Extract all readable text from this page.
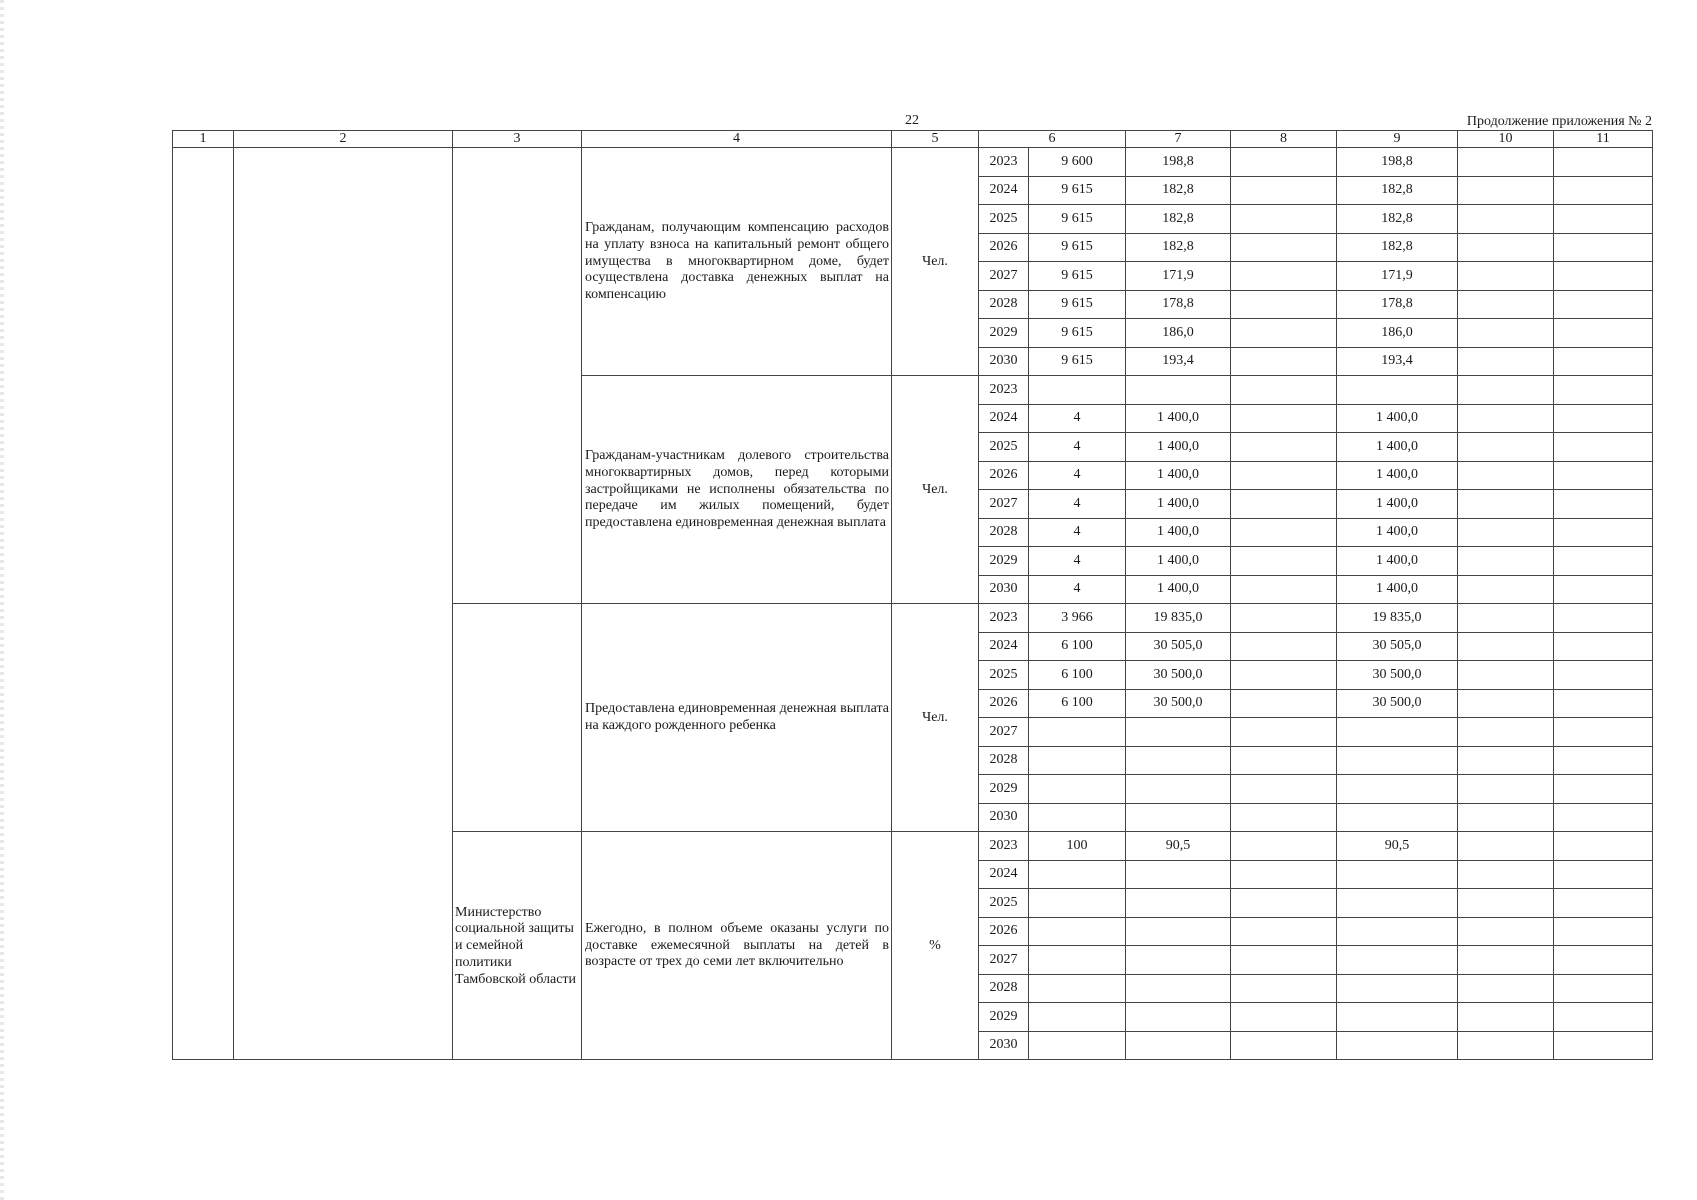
22	Продолжение приложения № 2
1	2	3	4	5	6		7	8	9	10	11

			Гражданам, получающим компенсацию расходов на уплату взноса на капитальный ремонт общего имущества в многоквартирном доме, будет осуществлена доставка денежных выплат на компенсацию	Чел.	2023	9 600	198,8		198,8		
					2024	9 615	182,8		182,8		
					2025	9 615	182,8		182,8		
					2026	9 615	182,8		182,8		
					2027	9 615	171,9		171,9		
					2028	9 615	178,8		178,8		
					2029	9 615	186,0		186,0		
					2030	9 615	193,4		193,4		

			Гражданам-участникам долевого строительства многоквартирных домов, перед которыми застройщиками не исполнены обязательства по передаче им жилых помещений, будет предоставлена единовременная денежная выплата	Чел.	2023						
					2024	4	1 400,0		1 400,0		
					2025	4	1 400,0		1 400,0		
					2026	4	1 400,0		1 400,0		
					2027	4	1 400,0		1 400,0		
					2028	4	1 400,0		1 400,0		
					2029	4	1 400,0		1 400,0		
					2030	4	1 400,0		1 400,0		

			Предоставлена единовременная денежная выплата на каждого рожденного ребенка	Чел.	2023	3 966	19 835,0		19 835,0		
					2024	6 100	30 505,0		30 505,0		
					2025	6 100	30 500,0		30 500,0		
					2026	6 100	30 500,0		30 500,0		
					2027						
					2028						
					2029						
					2030						

		Министерство социальной защиты и семейной политики Тамбовской области	Ежегодно, в полном объеме оказаны услуги по доставке ежемесячной выплаты на детей в возрасте от трех до семи лет включительно	%	2023	100	90,5		90,5		
					2024						
					2025						
					2026						
					2027						
					2028						
					2029						
					2030						
